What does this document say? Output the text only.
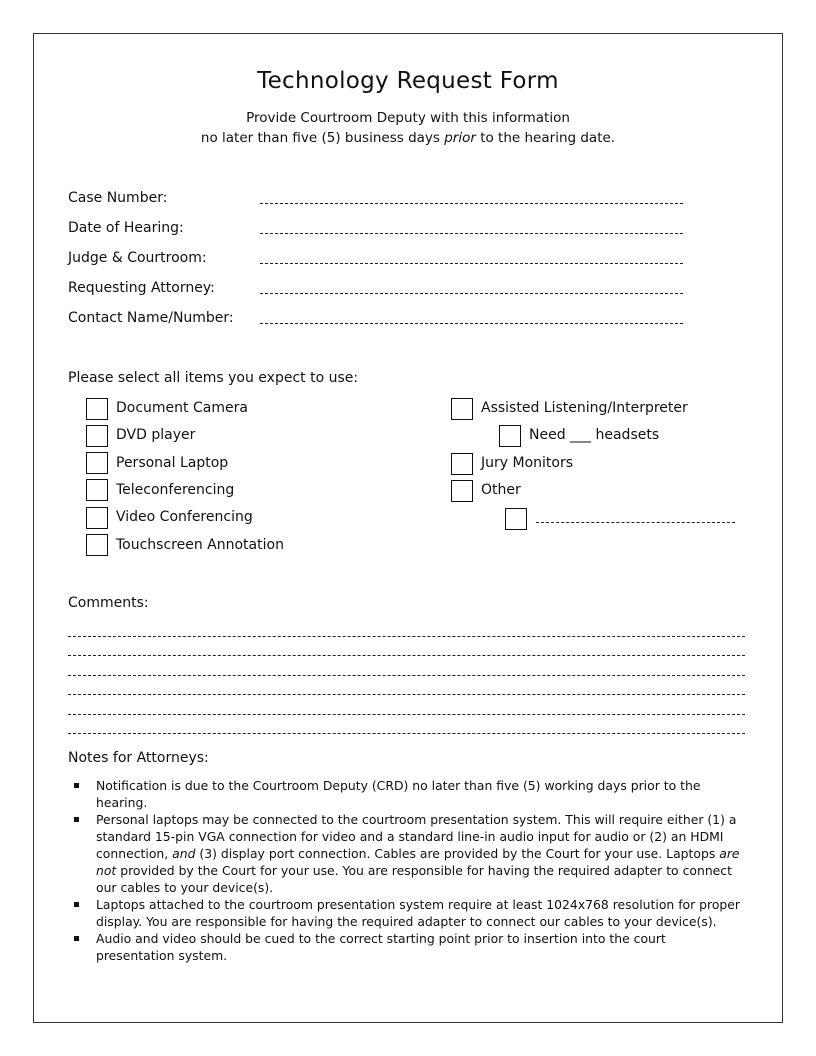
Technology Request Form
Provide Courtroom Deputy with this information
no later than five (5) business days prior to the hearing date.
Case Number:
Date of Hearing:
Judge & Courtroom:
Requesting Attorney:
Contact Name/Number:
Please select all items you expect to use:
Document Camera
DVD player
Personal Laptop
Teleconferencing
Video Conferencing
Touchscreen Annotation
Assisted Listening/Interpreter
Need ___ headsets
Jury Monitors
Other
Comments:
Notes for Attorneys:
Notification is due to the Courtroom Deputy (CRD) no later than five (5) working days prior to the hearing.
Personal laptops may be connected to the courtroom presentation system. This will require either (1) a standard 15-pin VGA connection for video and a standard line-in audio input for audio or (2) an HDMI connection, and (3) display port connection. Cables are provided by the Court for your use. Laptops are not provided by the Court for your use. You are responsible for having the required adapter to connect our cables to your device(s).
Laptops attached to the courtroom presentation system require at least 1024x768 resolution for proper display. You are responsible for having the required adapter to connect our cables to your device(s).
Audio and video should be cued to the correct starting point prior to insertion into the court presentation system.
